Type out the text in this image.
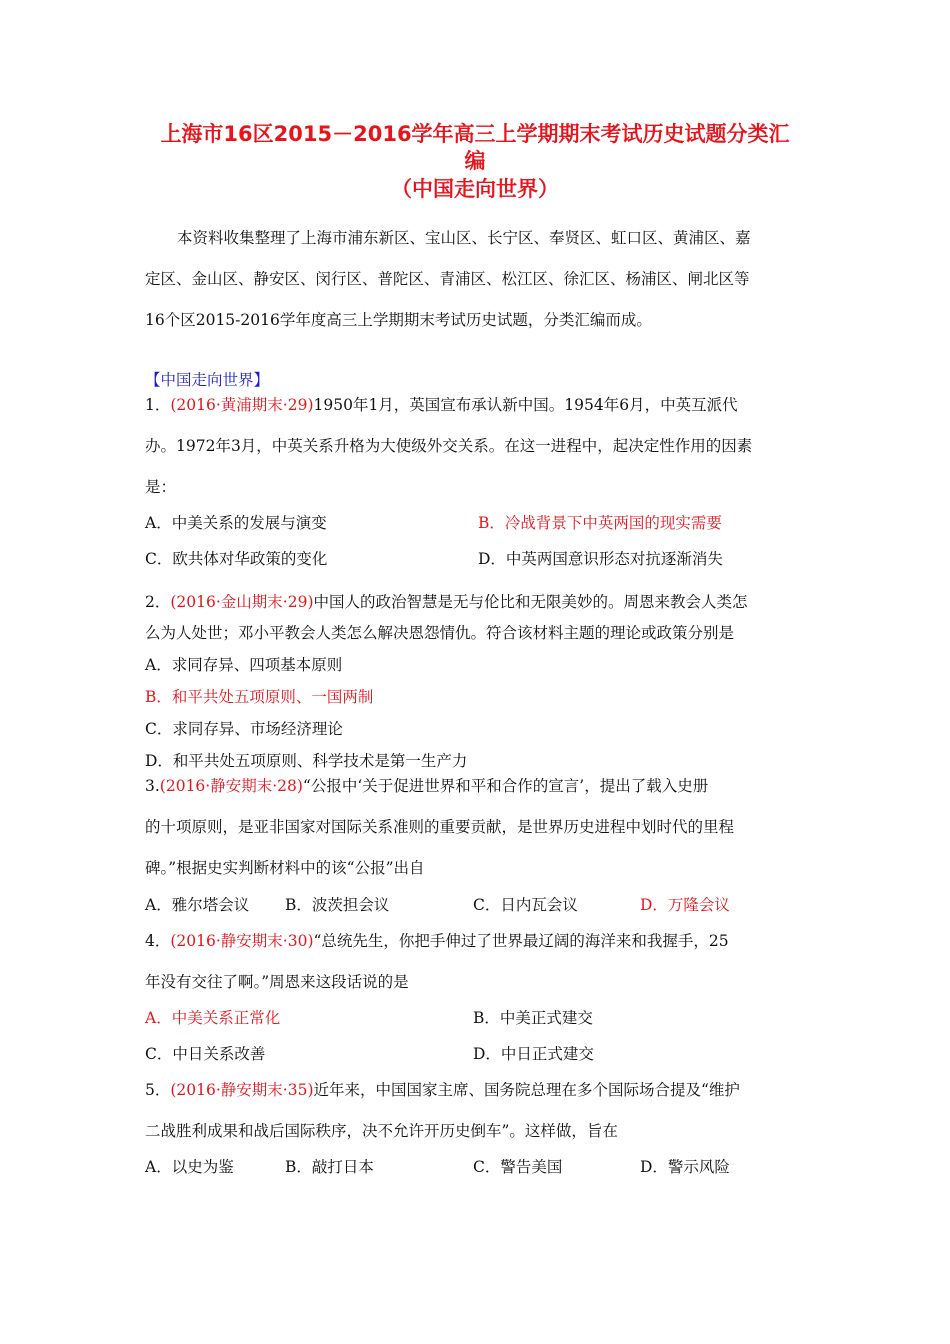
上海市16区2015－2016学年高三上学期期末考试历史试题分类汇
编
（中国走向世界）
本资料收集整理了上海市浦东新区、宝山区、长宁区、奉贤区、虹口区、黄浦区、嘉
定区、金山区、静安区、闵行区、普陀区、青浦区、松江区、徐汇区、杨浦区、闸北区等
16个区2015-2016学年度高三上学期期末考试历史试题，分类汇编而成。
【中国走向世界】
1．(2016·黄浦期末·29)1950年1月，英国宣布承认新中国。1954年6月，中英互派代
办。1972年3月，中英关系升格为大使级外交关系。在这一进程中，起决定性作用的因素
是：
A．中美关系的发展与演变	B．冷战背景下中英两国的现实需要
C．欧共体对华政策的变化	D．中英两国意识形态对抗逐渐消失
2．(2016·金山期末·29)中国人的政治智慧是无与伦比和无限美妙的。周恩来教会人类怎
么为人处世；邓小平教会人类怎么解决恩怨情仇。符合该材料主题的理论或政策分别是
A．求同存异、四项基本原则
B．和平共处五项原则、一国两制
C．求同存异、市场经济理论
D．和平共处五项原则、科学技术是第一生产力
3.(2016·静安期末·28)“公报中‘关于促进世界和平和合作的宣言’，提出了载入史册
的十项原则，是亚非国家对国际关系准则的重要贡献，是世界历史进程中划时代的里程
碑。”根据史实判断材料中的该“公报”出自
A．雅尔塔会议 B．波茨担会议	C．日内瓦会议	D．万隆会议
4．(2016·静安期末·30)“总统先生，你把手伸过了世界最辽阔的海洋来和我握手，25
年没有交往了啊。”周恩来这段话说的是
A．中美关系正常化	B．中美正式建交
C．中日关系改善	D．中日正式建交
5．(2016·静安期末·35)近年来，中国国家主席、国务院总理在多个国际场合提及“维护
二战胜利成果和战后国际秩序，决不允许开历史倒车”。这样做，旨在
A．以史为鉴	B．敲打日本	C．警告美国	D．警示风险
